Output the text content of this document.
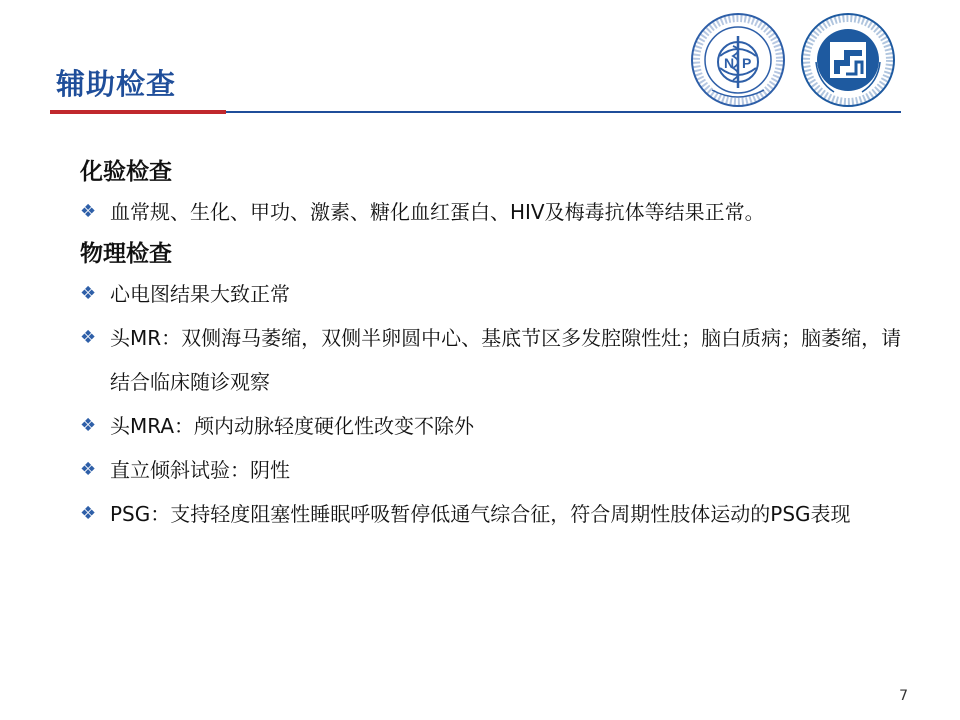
辅助检查
N P
化验检查
❖ 血常规、生化、甲功、激素、糖化血红蛋白、HIV及梅毒抗体等结果正常。
物理检查
❖ 心电图结果大致正常
❖ 头MR：双侧海马萎缩，双侧半卵圆中心、基底节区多发腔隙性灶；脑白质病；脑萎缩，请结合临床随诊观察
❖ 头MRA：颅内动脉轻度硬化性改变不除外
❖ 直立倾斜试验：阴性
❖ PSG：支持轻度阻塞性睡眠呼吸暂停低通气综合征，符合周期性肢体运动的PSG表现
7
